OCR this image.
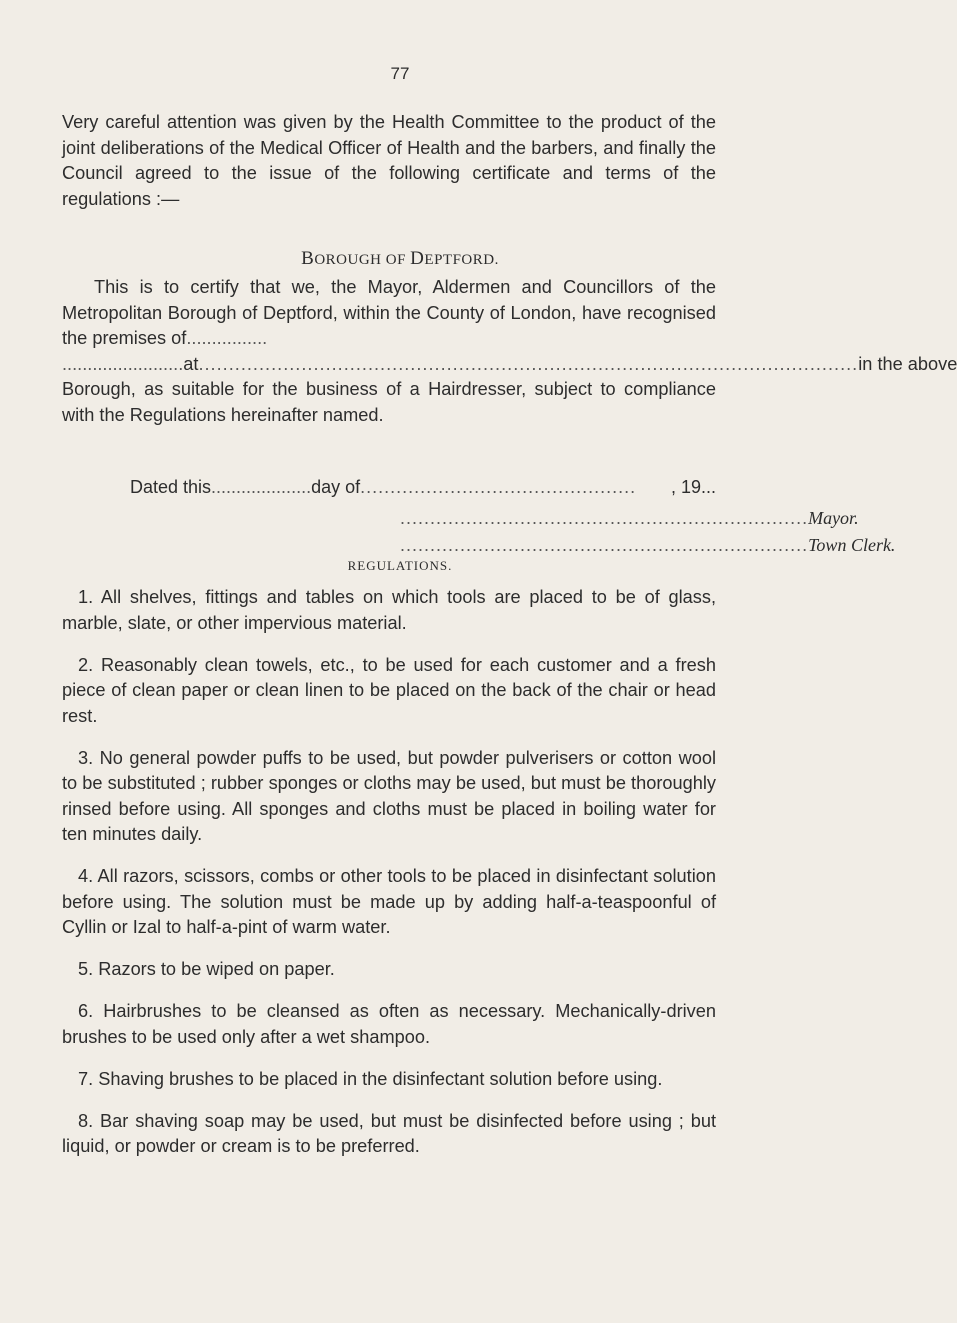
77
Very careful attention was given by the Health Committee to the product of the joint deliberations of the Medical Officer of Health and the barbers, and finally the Council agreed to the issue of the following certificate and terms of the regulations :—
BOROUGH OF DEPTFORD.

This is to certify that we, the Mayor, Aldermen and Councillors of the Metropolitan Borough of Deptford, within the County of London, have recognised the premises of................

........................ at ............................................................................................................. in the above

Borough, as suitable for the business of a Hairdresser, subject to compliance with the Regulations hereinafter named.

Dated this .................... day of ..............................................	, 19...
.................................................................... Mayor.
.................................................................... Town Clerk.
REGULATIONS.

1. All shelves, fittings and tables on which tools are placed to be of glass, marble, slate, or other impervious material.

2. Reasonably clean towels, etc., to be used for each customer and a fresh piece of clean paper or clean linen to be placed on the back of the chair or head rest.

3. No general powder puffs to be used, but powder pulverisers or cotton wool to be substituted ; rubber sponges or cloths may be used, but must be thoroughly rinsed before using. All sponges and cloths must be placed in boiling water for ten minutes daily.

4. All razors, scissors, combs or other tools to be placed in disinfectant solution before using. The solution must be made up by adding half-a-teaspoonful of Cyllin or Izal to half-a-pint of warm water.

5. Razors to be wiped on paper.

6. Hairbrushes to be cleansed as often as necessary. Mechanically-driven brushes to be used only after a wet shampoo.

7. Shaving brushes to be placed in the disinfectant solution before using.

8. Bar shaving soap may be used, but must be disinfected before using ; but liquid, or powder or cream is to be preferred.
